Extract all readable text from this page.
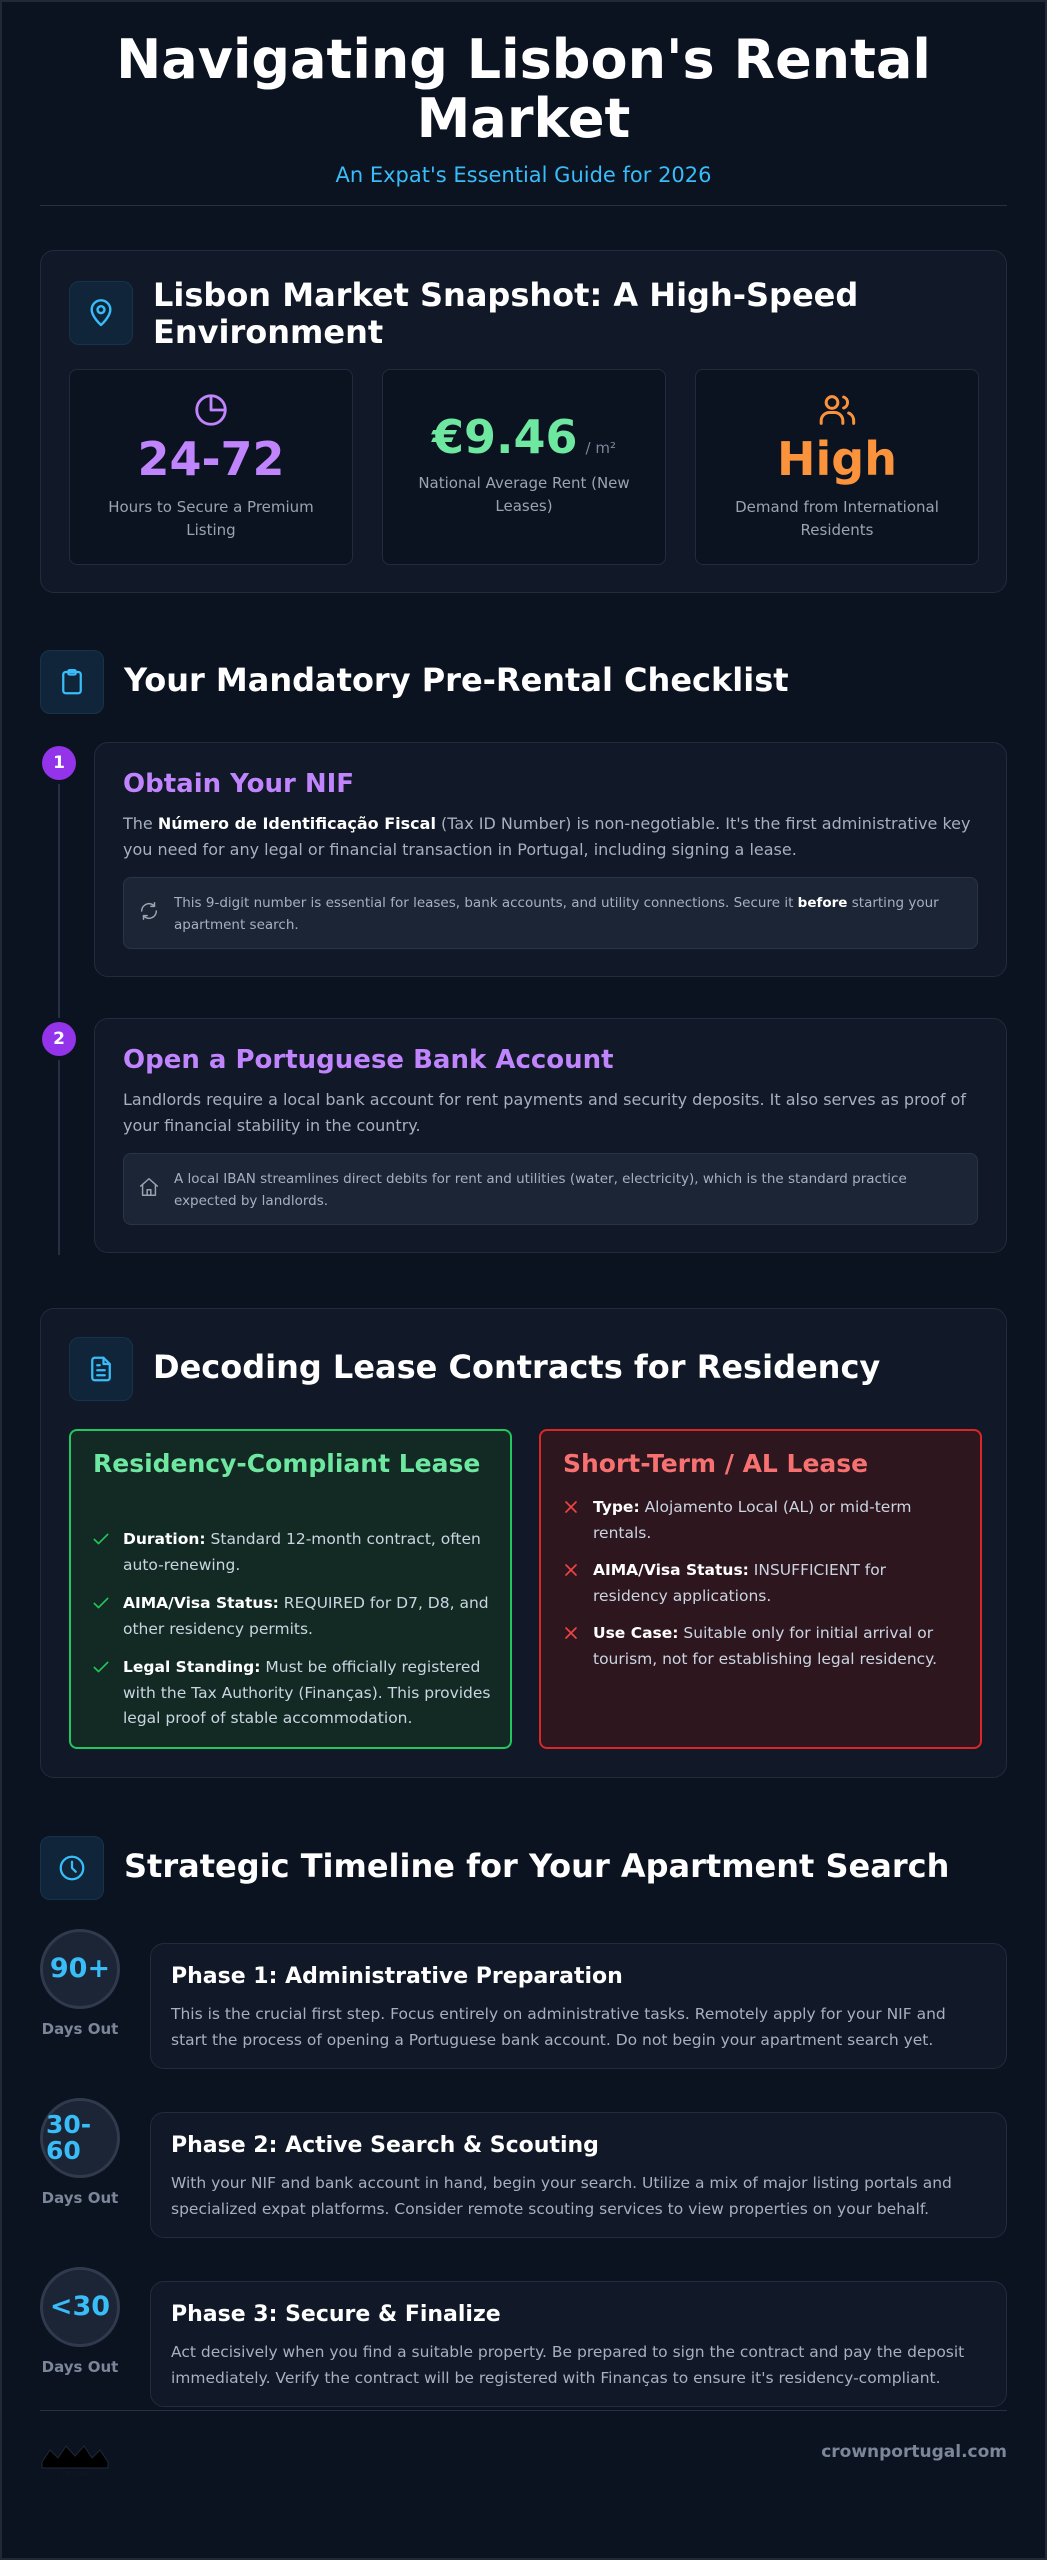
Navigating Lisbon's Rental Market
An Expat's Essential Guide for 2026
Lisbon Market Snapshot: A High-Speed Environment
24-72
Hours to Secure a Premium Listing
€9.46 / m²
National Average Rent (New Leases)
High
Demand from International Residents
Your Mandatory Pre-Rental Checklist
1
Obtain Your NIF
The Número de Identificação Fiscal (Tax ID Number) is non-negotiable. It's the first administrative key you need for any legal or financial transaction in Portugal, including signing a lease.
This 9-digit number is essential for leases, bank accounts, and utility connections. Secure it before starting your apartment search.
2
Open a Portuguese Bank Account
Landlords require a local bank account for rent payments and security deposits. It also serves as proof of your financial stability in the country.
A local IBAN streamlines direct debits for rent and utilities (water, electricity), which is the standard practice expected by landlords.
Decoding Lease Contracts for Residency
Residency-Compliant Lease
Duration: Standard 12-month contract, often auto-renewing.
AIMA/Visa Status: REQUIRED for D7, D8, and other residency permits.
Legal Standing: Must be officially registered with the Tax Authority (Finanças). This provides legal proof of stable accommodation.
Short-Term / AL Lease
Type: Alojamento Local (AL) or mid-term rentals.
AIMA/Visa Status: INSUFFICIENT for residency applications.
Use Case: Suitable only for initial arrival or tourism, not for establishing legal residency.
Strategic Timeline for Your Apartment Search
90+
Days Out
Phase 1: Administrative Preparation
This is the crucial first step. Focus entirely on administrative tasks. Remotely apply for your NIF and start the process of opening a Portuguese bank account. Do not begin your apartment search yet.
30-60
Days Out
Phase 2: Active Search & Scouting
With your NIF and bank account in hand, begin your search. Utilize a mix of major listing portals and specialized expat platforms. Consider remote scouting services to view properties on your behalf.
<30
Days Out
Phase 3: Secure & Finalize
Act decisively when you find a suitable property. Be prepared to sign the contract and pay the deposit immediately. Verify the contract will be registered with Finanças to ensure it's residency-compliant.
CROWN
crownportugal.com
